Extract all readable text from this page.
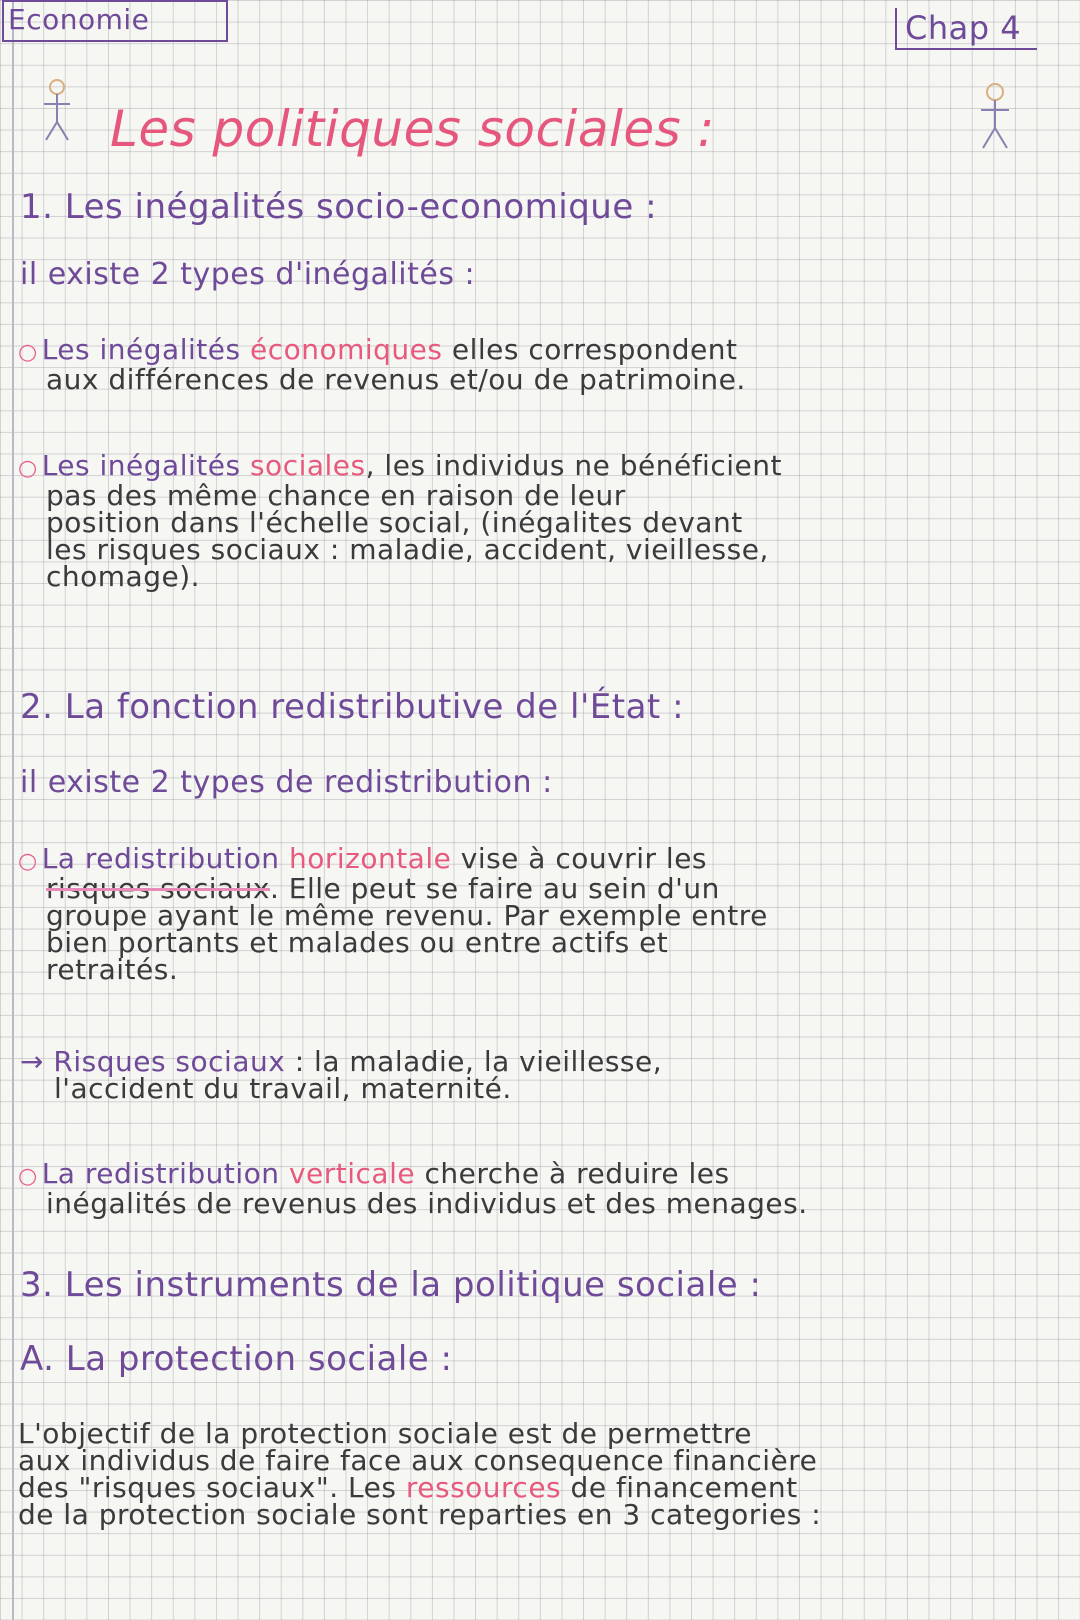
Economie	Chap 4
Les politiques sociales :
1. Les inégalités socio-economique :
il existe 2 types d'inégalités :
○ Les inégalités économiques elles correspondent
aux différences de revenus et/ou de patrimoine.
○ Les inégalités sociales, les individus ne bénéficient
pas des même chance en raison de leur
position dans l'échelle social, (inégalites devant
les risques sociaux : maladie, accident, vieillesse,
chomage).
2. La fonction redistributive de l'État :
il existe 2 types de redistribution :
○ La redistribution horizontale vise à couvrir les
risques sociaux. Elle peut se faire au sein d'un
groupe ayant le même revenu. Par exemple entre
bien portants et malades ou entre actifs et
retraités.
→ Risques sociaux : la maladie, la vieillesse,
l'accident du travail, maternité.
○ La redistribution verticale cherche à reduire les
inégalités de revenus des individus et des menages.
3. Les instruments de la politique sociale :
A. La protection sociale :
L'objectif de la protection sociale est de permettre
aux individus de faire face aux consequence financière
des "risques sociaux". Les ressources de financement
de la protection sociale sont reparties en 3 categories :
